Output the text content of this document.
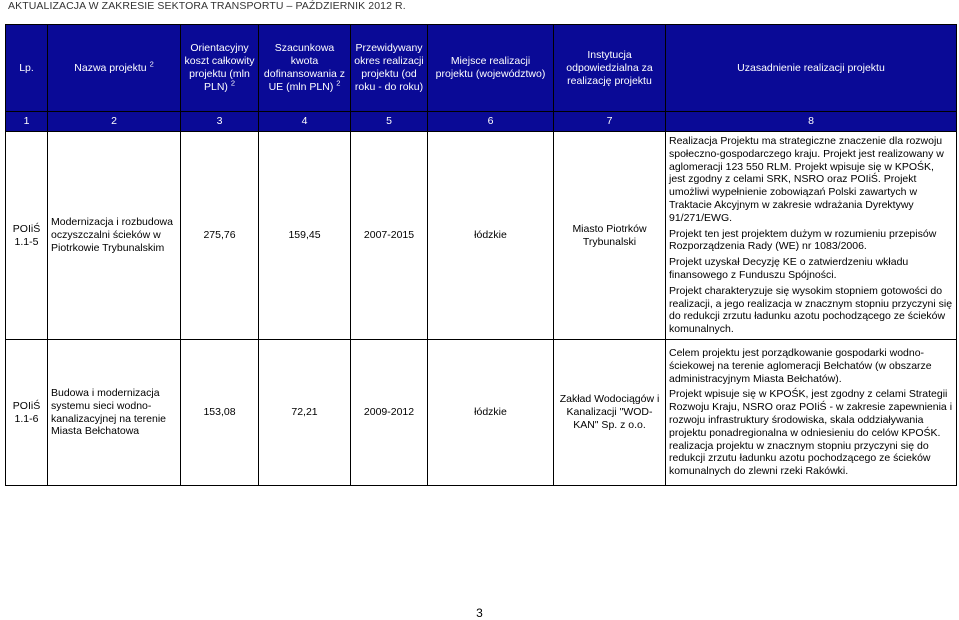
AKTUALIZACJA W ZAKRESIE SEKTORA TRANSPORTU – PAŹDZIERNIK 2012 R.
Lp.	Nazwa projektu $^2$	Orientacyjny koszt całkowity projektu (mln PLN) $^2$	Szacunkowa kwota dofinansowania z UE (mln PLN) $^2$	Przewidywany okres realizacji projektu (od roku - do roku)	Miejsce realizacji projektu (województwo)	Instytucja odpowiedzialna za realizację projektu	Uzasadnienie realizacji projektu
1	2	3	4	5	6	7	8
POIiŚ 1.1-5	Modernizacja i rozbudowa oczyszczalni ścieków w Piotrkowie Trybunalskim	275,76	159,45	2007-2015	łódzkie	Miasto Piotrków Trybunalski	Realizacja Projektu ma strategiczne znaczenie dla rozwoju społeczno-gospodarczego kraju. Projekt jest realizowany w aglomeracji 123 550 RLM. Projekt wpisuje się w KPOŚK, jest zgodny z celami SRK, NSRO oraz POIiŚ. Projekt umożliwi wypełnienie zobowiązań Polski zawartych w Traktacie Akcyjnym w zakresie wdrażania Dyrektywy 91/271/EWG.

Projekt ten jest projektem dużym w rozumieniu przepisów Rozporządzenia Rady (WE) nr 1083/2006.

Projekt uzyskał Decyzję KE o zatwierdzeniu wkładu finansowego z Funduszu Spójności.

Projekt charakteryzuje się wysokim stopniem gotowości do realizacji, a jego realizacja w znacznym stopniu przyczyni się do redukcji zrzutu ładunku azotu pochodzącego ze ścieków komunalnych.

POIiŚ 1.1-6	Budowa i modernizacja systemu sieci wodno-kanalizacyjnej na terenie Miasta Bełchatowa	153,08	72,21	2009-2012	łódzkie	Zakład Wodociągów i Kanalizacji "WOD-KAN" Sp. z o.o.	Celem projektu jest porządkowanie gospodarki wodno-ściekowej na terenie aglomeracji Bełchatów (w obszarze administracyjnym Miasta Bełchatów).

Projekt wpisuje się w KPOŚK, jest zgodny z celami Strategii Rozwoju Kraju, NSRO oraz POIiŚ - w zakresie zapewnienia i rozwoju infrastruktury środowiska, skala oddziaływania projektu ponadregionalna w odniesieniu do celów KPOŚK. realizacja projektu w znacznym stopniu przyczyni się do redukcji zrzutu ładunku azotu pochodzącego ze ścieków komunalnych do zlewni rzeki Rakówki.

3
